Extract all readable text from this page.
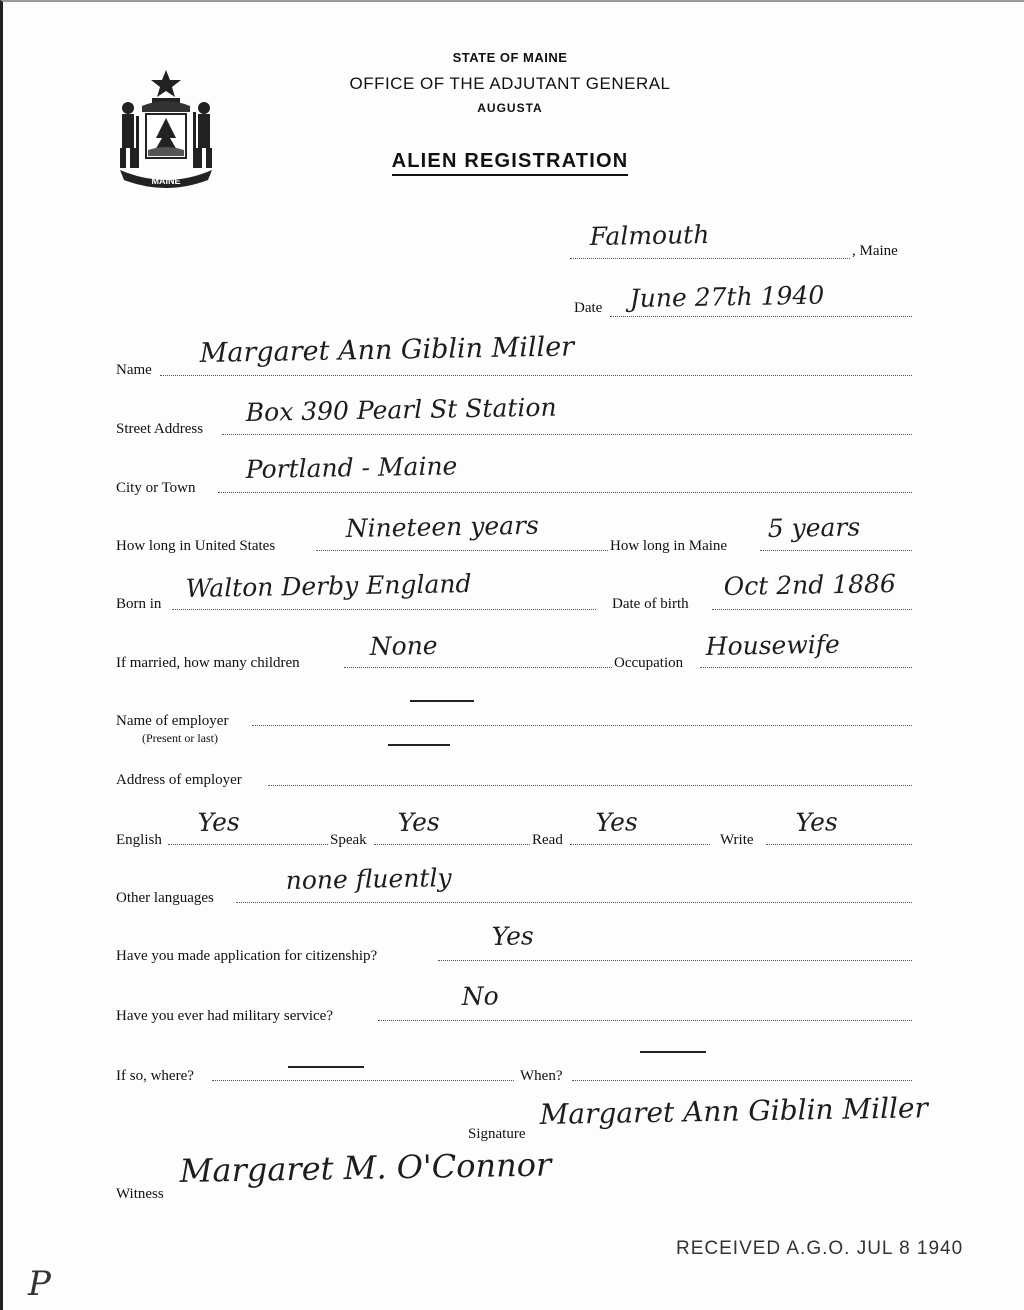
MAINE
STATE OF MAINE
OFFICE OF THE ADJUTANT GENERAL
AUGUSTA
ALIEN REGISTRATION
Falmouth	, Maine
Date June 27th 1940
Name
Margaret Ann Giblin Miller
Street Address
Box 390 Pearl St Station
City or Town
Portland - Maine
How long in United States
Nineteen years
How long in Maine
5 years
Born in
Walton Derby England
Date of birth
Oct 2nd 1886
If married, how many children
None
Occupation
Housewife
Name of employer
(Present or last)
Address of employer
English
Yes
Speak
Yes
Read
Yes
Write
Yes
Other languages
none fluently
Have you made application for citizenship?
Yes
Have you ever had military service?
No
If so, where?	When?
Signature
Margaret Ann Giblin Miller
Witness
Margaret M. O'Connor
RECEIVED A.G.O. JUL 8 1940
P
